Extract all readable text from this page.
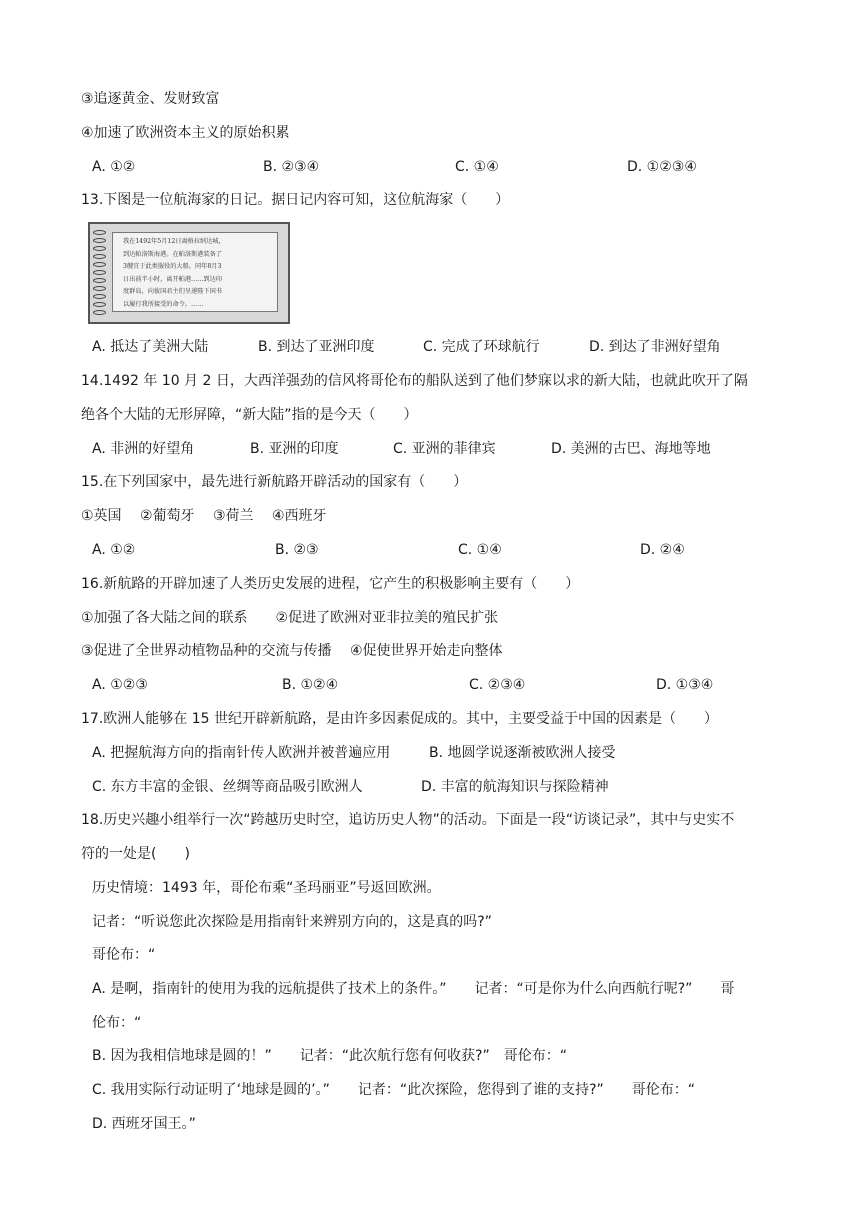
③追逐黄金、发财致富
④加速了欧洲资本主义的原始积累
A. ①②	B. ②③④	C. ①④	D. ①②③④
13.下图是一位航海家的日记。据日记内容可知，这位航海家（　　）
我在1492年5月12日离格拉纳达城，
到达帕洛斯海港。在帕洛斯港装备了
3艘宜于此类服役的大船。同年8月3
日出前半小时，离开帕港……到达印
度群岛，向彼国君主们呈递陛下国书
以履行我所接受的命令。……
A. 抵达了美洲大陆	B. 到达了亚洲印度	C. 完成了环球航行	D. 到达了非洲好望角
14.1492 年 10 月 2 日，大西洋强劲的信风将哥伦布的船队送到了他们梦寐以求的新大陆，也就此吹开了隔
绝各个大陆的无形屏障，“新大陆”指的是今天（　　）
A. 非洲的好望角	B. 亚洲的印度	C. 亚洲的菲律宾	D. 美洲的古巴、海地等地
15.在下列国家中，最先进行新航路开辟活动的国家有（　　）
①英国　 ②葡萄牙　 ③荷兰　 ④西班牙
A. ①②	B. ②③	C. ①④	D. ②④
16.新航路的开辟加速了人类历史发展的进程，它产生的积极影响主要有（　　）
①加强了各大陆之间的联系　　②促进了欧洲对亚非拉美的殖民扩张
③促进了全世界动植物品种的交流与传播　 ④促使世界开始走向整体
A. ①②③	B. ①②④	C. ②③④	D. ①③④
17.欧洲人能够在 15 世纪开辟新航路，是由许多因素促成的。其中，主要受益于中国的因素是（　　）
A. 把握航海方向的指南针传人欧洲并被普遍应用	B. 地圆学说逐渐被欧洲人接受
C. 东方丰富的金银、丝绸等商品吸引欧洲人	D. 丰富的航海知识与探险精神
18.历史兴趣小组举行一次“跨越历史时空，追访历史人物”的活动。下面是一段“访谈记录”，其中与史实不
符的一处是(　　)
历史情境：1493 年，哥伦布乘“圣玛丽亚”号返回欧洲。
记者：“听说您此次探险是用指南针来辨别方向的，这是真的吗?”
哥伦布：“
A. 是啊，指南针的使用为我的远航提供了技术上的条件。”　　记者：“可是你为什么向西航行呢?”　　哥
伦布：“
B. 因为我相信地球是圆的！”　　记者：“此次航行您有何收获?”　哥伦布：“
C. 我用实际行动证明了‘地球是圆的’。”　　记者：“此次探险，您得到了谁的支持?”　　哥伦布：“
D. 西班牙国王。”
